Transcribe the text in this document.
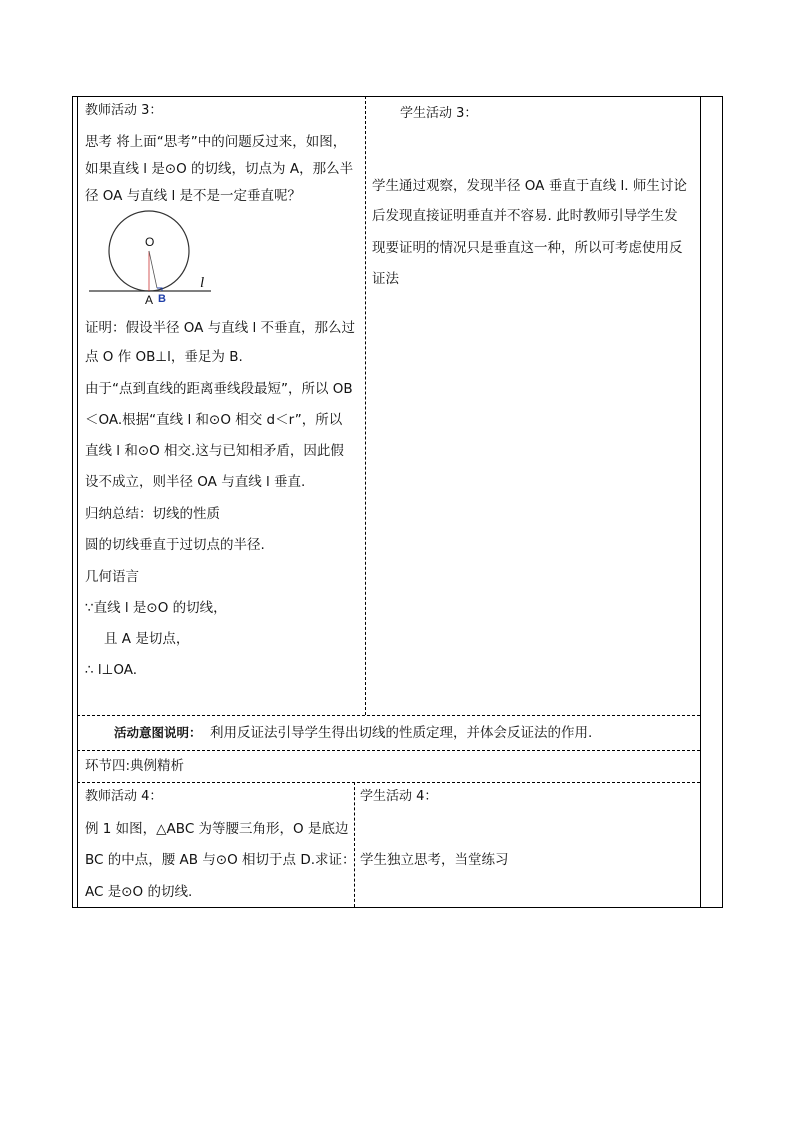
教师活动 3：
思考 将上面“思考”中的问题反过来，如图，
如果直线 l 是⊙O 的切线，切点为 A，那么半
径 OA 与直线 l 是不是一定垂直呢？
O
A B
l
证明：假设半径 OA 与直线 l 不垂直，那么过
点 O 作 OB⊥l，垂足为 B.
由于“点到直线的距离垂线段最短”，所以 OB
＜OA.根据“直线 l 和⊙O 相交 d＜r”，所以
直线 l 和⊙O 相交.这与已知相矛盾，因此假
设不成立，则半径 OA 与直线 l 垂直.
归纳总结：切线的性质
圆的切线垂直于过切点的半径.
几何语言
∵直线 l 是⊙O 的切线，
且 A 是切点，
∴ l⊥OA.
学生活动 3：
学生通过观察，发现半径 OA 垂直于直线 l. 师生讨论
后发现直接证明垂直并不容易. 此时教师引导学生发
现要证明的情况只是垂直这一种，所以可考虑使用反
证法
活动意图说明： 利用反证法引导学生得出切线的性质定理，并体会反证法的作用.
环节四:典例精析
教师活动 4：
例 1 如图，△ABC 为等腰三角形，O 是底边
BC 的中点，腰 AB 与⊙O 相切于点 D.求证：
AC 是⊙O 的切线.
学生活动 4：
学生独立思考，当堂练习
